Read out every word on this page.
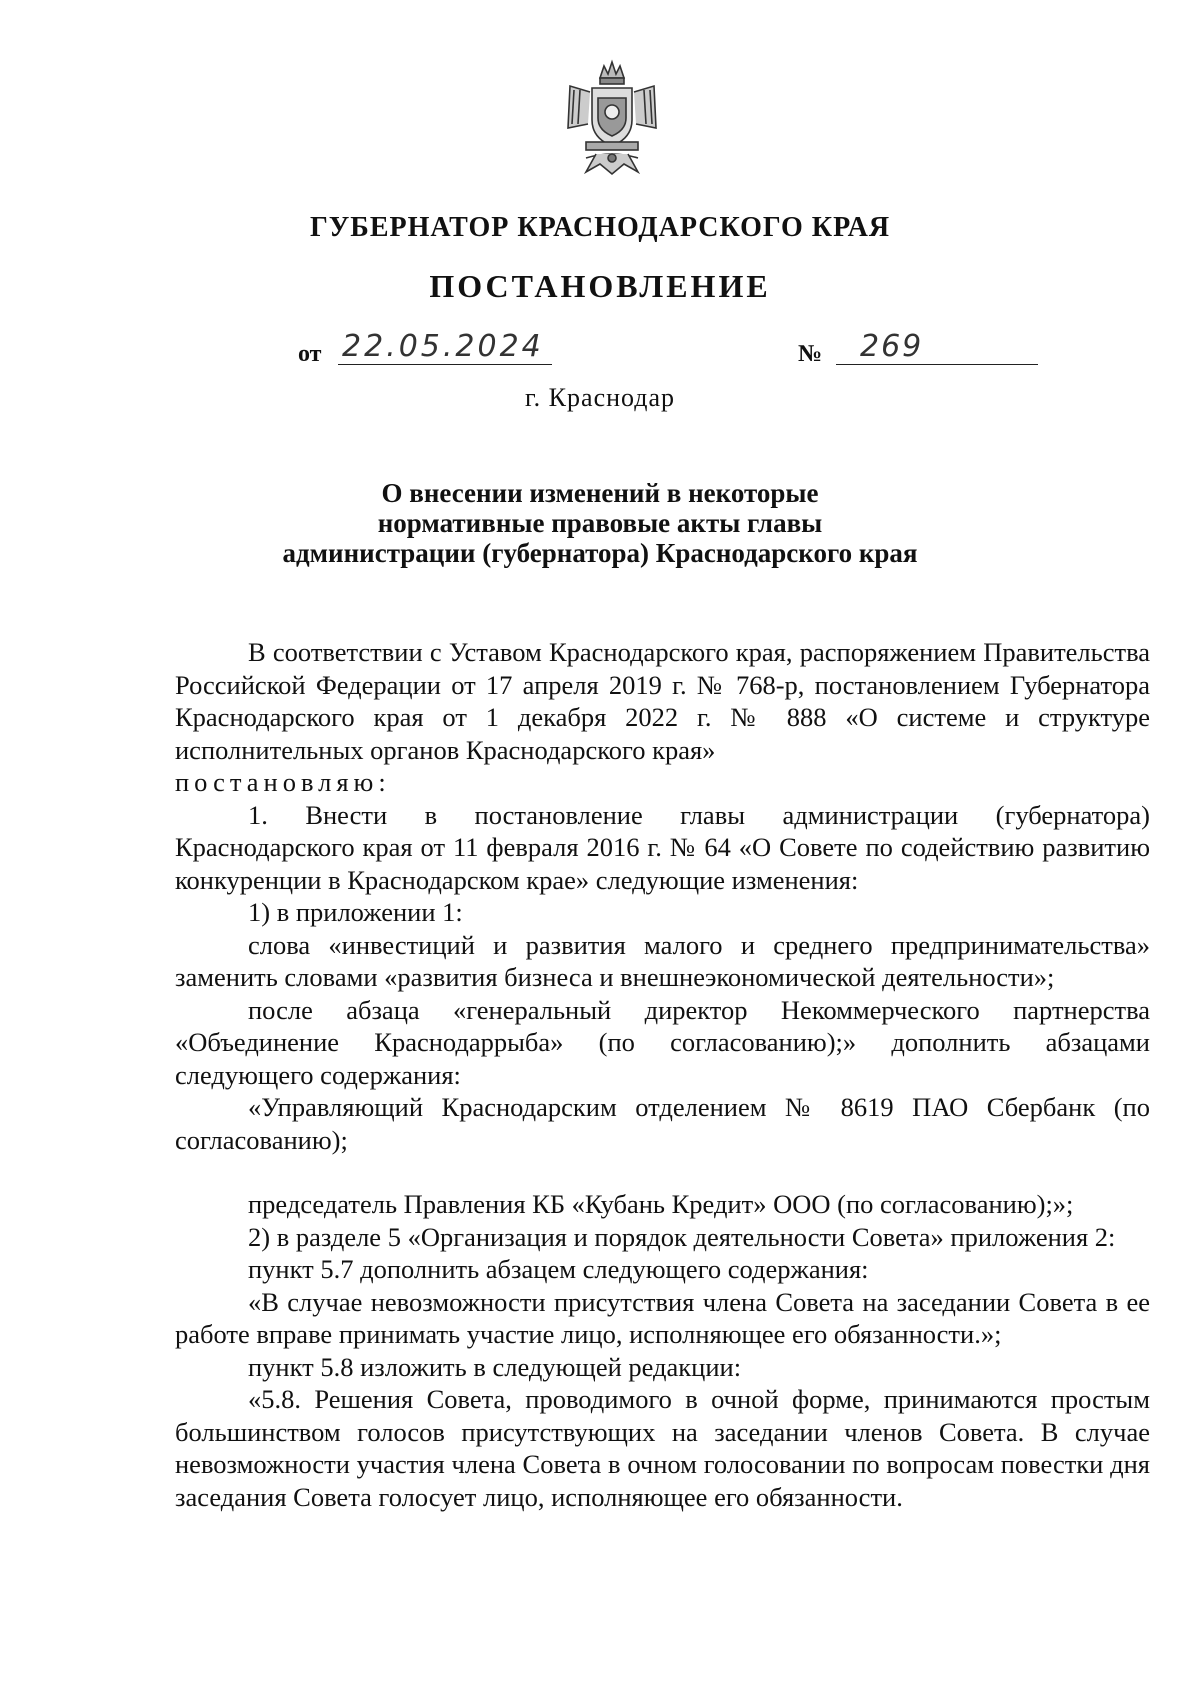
ГУБЕРНАТОР КРАСНОДАРСКОГО КРАЯ
ПОСТАНОВЛЕНИЕ
от 22.05.2024	№	269
г. Краснодар
О внесении изменений в некоторые
нормативные правовые акты главы
администрации (губернатора) Краснодарского края

В соответствии с Уставом Краснодарского края, распоряжением Правительства Российской Федерации от 17 апреля 2019 г. № 768-р, постановлением Губернатора Краснодарского края от 1 декабря 2022 г. № 888 «О системе и структуре исполнительных органов Краснодарского края»

постановляю:

1. Внести в постановление главы администрации (губернатора) Краснодарского края от 11 февраля 2016 г. № 64 «О Совете по содействию развитию конкуренции в Краснодарском крае» следующие изменения:

1) в приложении 1:

слова «инвестиций и развития малого и среднего предпринимательства» заменить словами «развития бизнеса и внешнеэкономической деятельности»;

после абзаца «генеральный директор Некоммерческого партнерства «Объединение Краснодаррыба» (по согласованию);» дополнить абзацами следующего содержания:

«Управляющий Краснодарским отделением № 8619 ПАО Сбербанк (по согласованию);

председатель Правления КБ «Кубань Кредит» ООО (по согласованию);»;

2) в разделе 5 «Организация и порядок деятельности Совета» приложения 2:

пункт 5.7 дополнить абзацем следующего содержания:

«В случае невозможности присутствия члена Совета на заседании Совета в ее работе вправе принимать участие лицо, исполняющее его обязанности.»;

пункт 5.8 изложить в следующей редакции:

«5.8. Решения Совета, проводимого в очной форме, принимаются простым большинством голосов присутствующих на заседании членов Совета. В случае невозможности участия члена Совета в очном голосовании по вопросам повестки дня заседания Совета голосует лицо, исполняющее его обязанности.
